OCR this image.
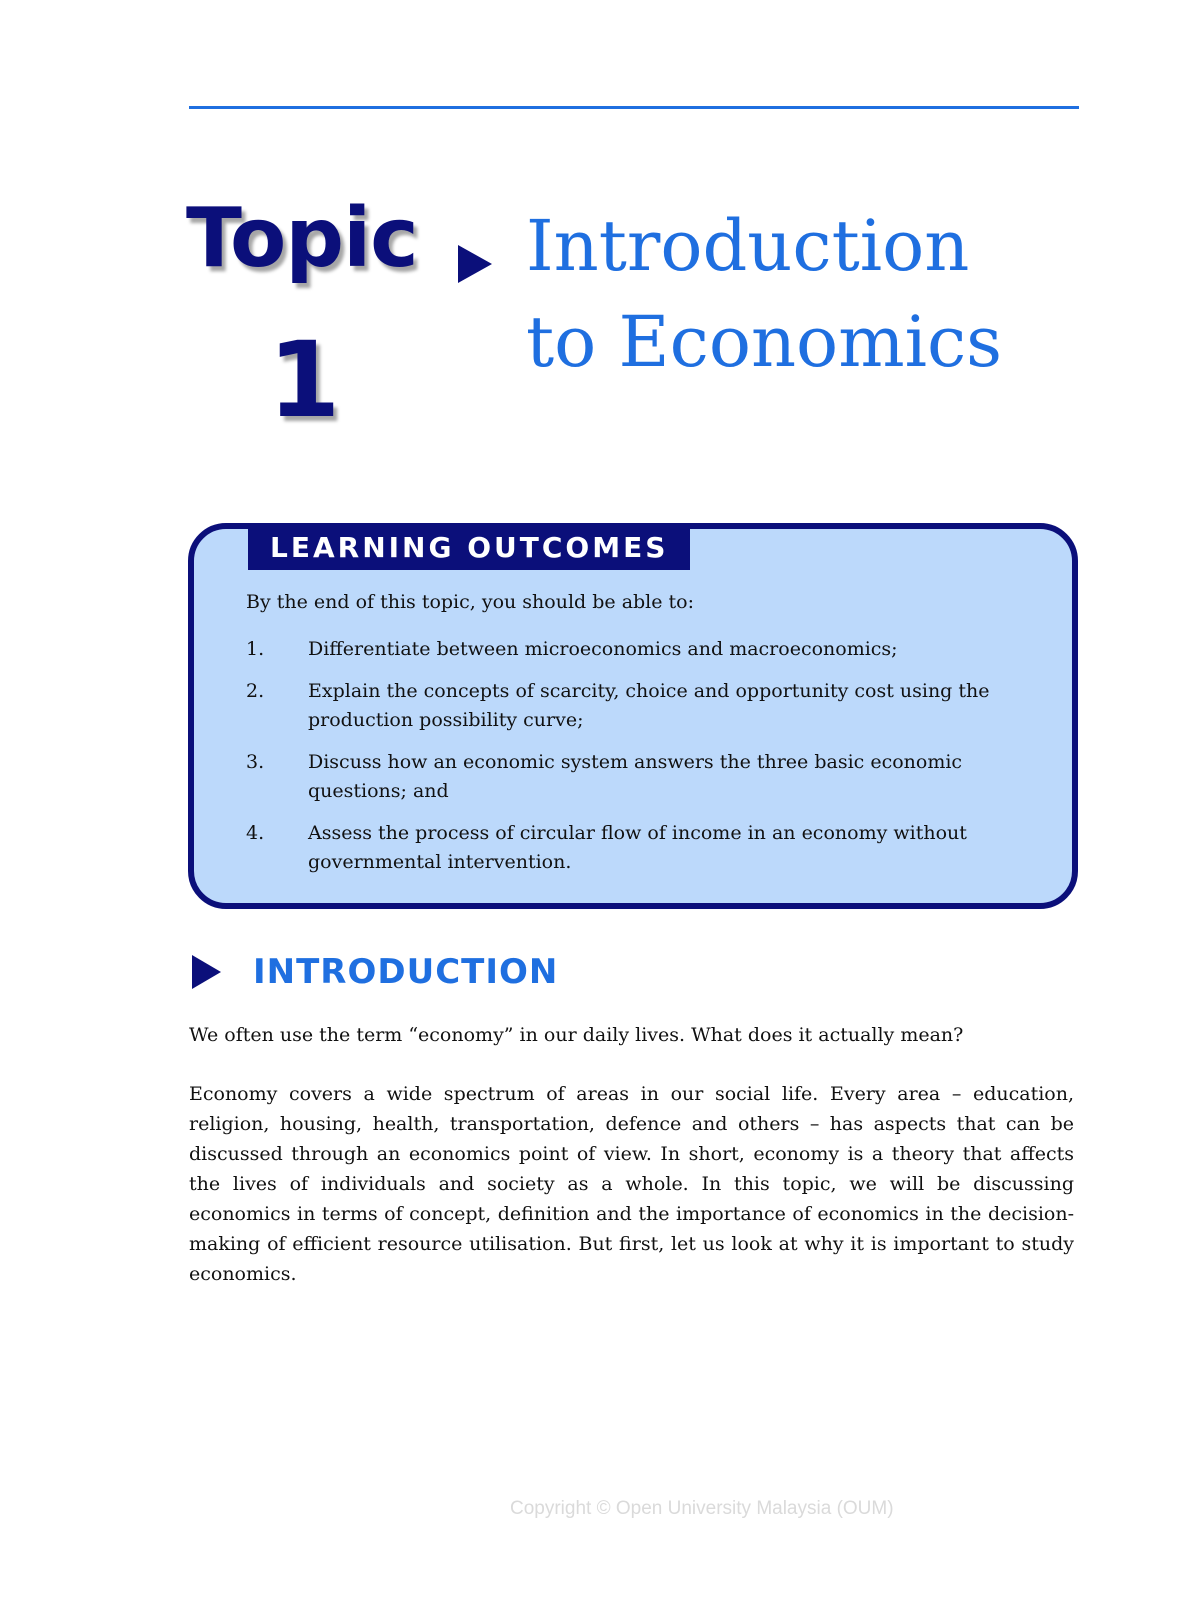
Topic
1
Introduction
to Economics
LEARNING OUTCOMES
By the end of this topic, you should be able to:
1.	Differentiate between microeconomics and macroeconomics;
2.	Explain the concepts of scarcity, choice and opportunity cost using the production possibility curve;
3.	Discuss how an economic system answers the three basic economic questions; and
4.	Assess the process of circular flow of income in an economy without governmental intervention.
INTRODUCTION

We often use the term “economy” in our daily lives. What does it actually mean?

Economy covers a wide spectrum of areas in our social life. Every area – education, religion, housing, health, transportation, defence and others – has aspects that can be discussed through an economics point of view. In short, economy is a theory that affects the lives of individuals and society as a whole. In this topic, we will be discussing economics in terms of concept, definition and the importance of economics in the decision-making of efficient resource utilisation. But first, let us look at why it is important to study economics.

Copyright © Open University Malaysia (OUM)
